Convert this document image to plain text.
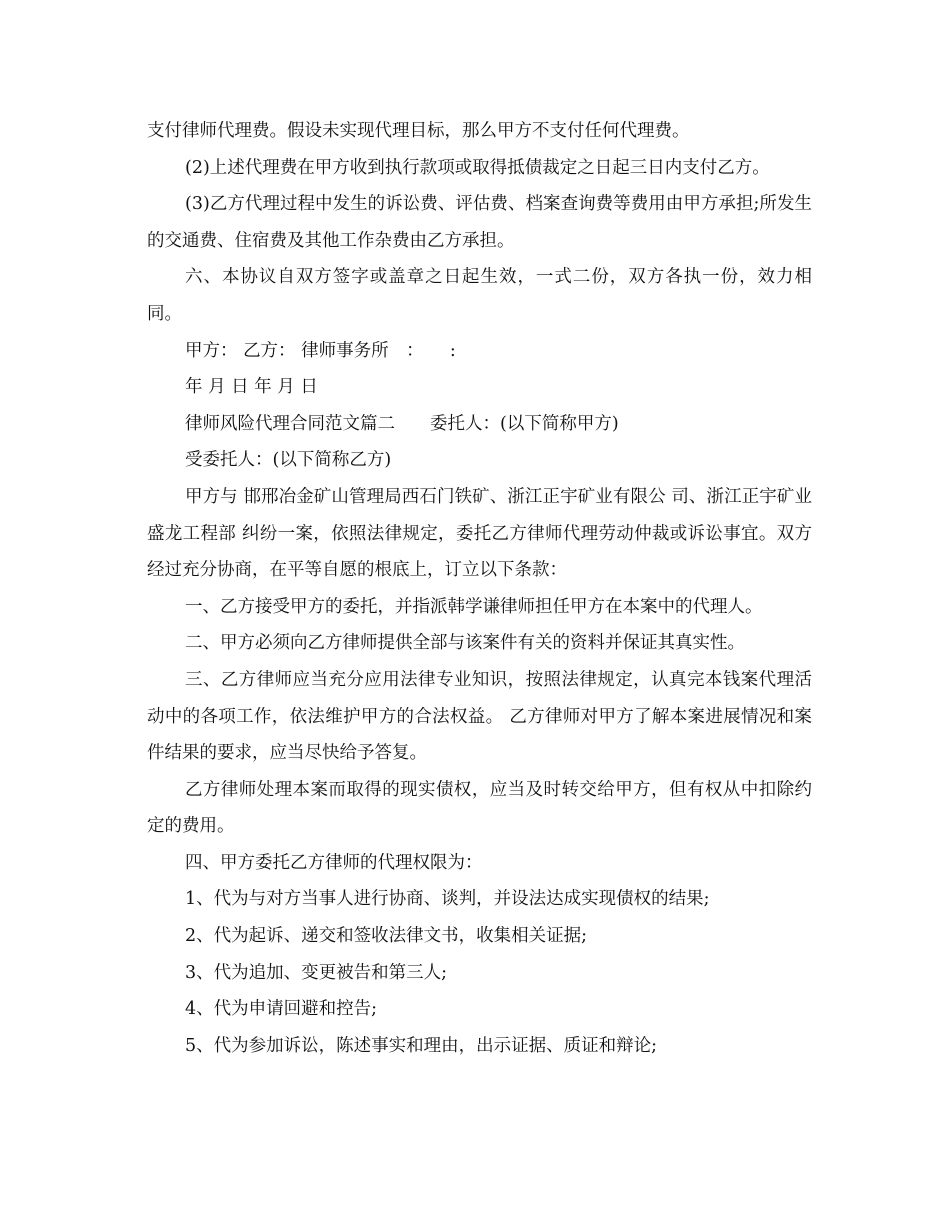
支付律师代理费。假设未实现代理目标，那么甲方不支付任何代理费。

(2)上述代理费在甲方收到执行款项或取得抵债裁定之日起三日内支付乙方。

(3)乙方代理过程中发生的诉讼费、评估费、档案查询费等费用由甲方承担;所发生的交通费、住宿费及其他工作杂费由乙方承担。

六、本协议自双方签字或盖章之日起生效，一式二份，双方各执一份，效力相同。

甲方： 乙方： 律师事务所　：　　:

年 月 日 年 月 日

律师风险代理合同范文篇二　　委托人：(以下简称甲方)

受委托人：(以下简称乙方)

甲方与 邯邢冶金矿山管理局西石门铁矿、浙江正宇矿业有限公 司、浙江正宇矿业盛龙工程部 纠纷一案，依照法律规定，委托乙方律师代理劳动仲裁或诉讼事宜。双方经过充分协商，在平等自愿的根底上，订立以下条款：

一、乙方接受甲方的委托，并指派韩学谦律师担任甲方在本案中的代理人。

二、甲方必须向乙方律师提供全部与该案件有关的资料并保证其真实性。

三、乙方律师应当充分应用法律专业知识，按照法律规定，认真完本钱案代理活动中的各项工作，依法维护甲方的合法权益。 乙方律师对甲方了解本案进展情况和案件结果的要求，应当尽快给予答复。

乙方律师处理本案而取得的现实债权，应当及时转交给甲方，但有权从中扣除约定的费用。

四、甲方委托乙方律师的代理权限为：

1、代为与对方当事人进行协商、谈判，并设法达成实现债权的结果;

2、代为起诉、递交和签收法律文书，收集相关证据;

3、代为追加、变更被告和第三人;

4、代为申请回避和控告;

5、代为参加诉讼，陈述事实和理由，出示证据、质证和辩论;
